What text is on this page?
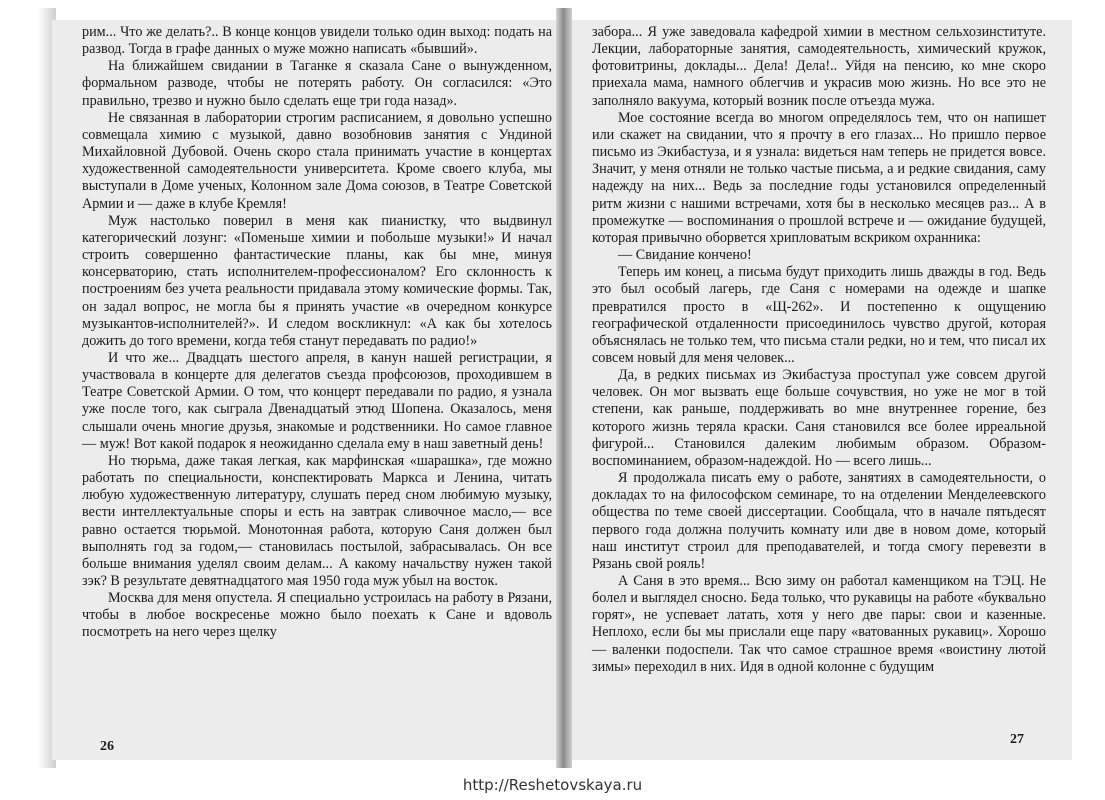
рим... Что же делать?.. В конце концов увидели только один выход: подать на развод. Тогда в графе данных о муже можно написать «бывший».

На ближайшем свидании в Таганке я сказала Сане о вынужденном, формальном разводе, чтобы не потерять работу. Он согласился: «Это правильно, трезво и нужно было сделать еще три года назад».

Не связанная в лаборатории строгим расписанием, я довольно успешно совмещала химию с музыкой, давно возобновив занятия с Ундиной Михайловной Дубовой. Очень скоро стала принимать участие в концертах художественной самодеятельности университета. Кроме своего клуба, мы выступали в Доме ученых, Колонном зале Дома союзов, в Театре Советской Армии и — даже в клубе Кремля!

Муж настолько поверил в меня как пианистку, что выдвинул категорический лозунг: «Поменьше химии и побольше музыки!» И начал строить совершенно фантастические планы, как бы мне, минуя консерваторию, стать исполнителем-профессионалом? Его склонность к построениям без учета реальности придавала этому комические формы. Так, он задал вопрос, не могла бы я принять участие «в очередном конкурсе музыкантов-исполнителей?». И следом воскликнул: «А как бы хотелось дожить до того времени, когда тебя станут передавать по радио!»

И что же... Двадцать шестого апреля, в канун нашей регистрации, я участвовала в концерте для делегатов съезда профсоюзов, проходившем в Театре Советской Армии. О том, что концерт передавали по радио, я узнала уже после того, как сыграла Двенадцатый этюд Шопена. Оказалось, меня слышали очень многие друзья, знакомые и родственники. Но самое главное — муж! Вот какой подарок я неожиданно сделала ему в наш заветный день!

Но тюрьма, даже такая легкая, как марфинская «шарашка», где можно работать по специальности, конспектировать Маркса и Ленина, читать любую художественную литературу, слушать перед сном любимую музыку, вести интеллектуальные споры и есть на завтрак сливочное масло,— все равно остается тюрьмой. Монотонная работа, которую Саня должен был выполнять год за годом,— становилась постылой, забрасывалась. Он все больше внимания уделял своим делам... А какому начальству нужен такой зэк? В результате девятнадцатого мая 1950 года муж убыл на восток.

Москва для меня опустела. Я специально устроилась на работу в Рязани, чтобы в любое воскресенье можно было поехать к Сане и вдоволь посмотреть на него через щелку

26

забора... Я уже заведовала кафедрой химии в местном сельхозинституте. Лекции, лабораторные занятия, самодеятельность, химический кружок, фотовитрины, доклады... Дела! Дела!.. Уйдя на пенсию, ко мне скоро приехала мама, намного облегчив и украсив мою жизнь. Но все это не заполняло вакуума, который возник после отъезда мужа.

Мое состояние всегда во многом определялось тем, что он напишет или скажет на свидании, что я прочту в его глазах... Но пришло первое письмо из Экибастуза, и я узнала: видеться нам теперь не придется вовсе. Значит, у меня отняли не только частые письма, а и редкие свидания, саму надежду на них... Ведь за последние годы установился определенный ритм жизни с нашими встречами, хотя бы в несколько месяцев раз... А в промежутке — воспоминания о прошлой встрече и — ожидание будущей, которая привычно оборвется хрипловатым вскриком охранника:

— Свидание кончено!

Теперь им конец, а письма будут приходить лишь дважды в год. Ведь это был особый лагерь, где Саня с номерами на одежде и шапке превратился просто в «Щ-262». И постепенно к ощущению географической отдаленности присоединилось чувство другой, которая объяснялась не только тем, что письма стали редки, но и тем, что писал их совсем новый для меня человек...

Да, в редких письмах из Экибастуза проступал уже совсем другой человек. Он мог вызвать еще больше сочувствия, но уже не мог в той степени, как раньше, поддерживать во мне внутреннее горение, без которого жизнь теряла краски. Саня становился все более ирреальной фигурой... Становился далеким любимым образом. Образом-воспоминанием, образом-надеждой. Но — всего лишь...

Я продолжала писать ему о работе, занятиях в самодеятельности, о докладах то на философском семинаре, то на отделении Менделеевского общества по теме своей диссертации. Сообщала, что в начале пятьдесят первого года должна получить комнату или две в новом доме, который наш институт строил для преподавателей, и тогда смогу перевезти в Рязань свой рояль!

А Саня в это время... Всю зиму он работал каменщиком на ТЭЦ. Не болел и выглядел сносно. Беда только, что рукавицы на работе «буквально горят», не успевает латать, хотя у него две пары: свои и казенные. Неплохо, если бы мы прислали еще пару «ватованных рукавиц». Хорошо — валенки подоспели. Так что самое страшное время «воистину лютой зимы» переходил в них. Идя в одной колонне с будущим

27
http://Reshetovskaya.ru
